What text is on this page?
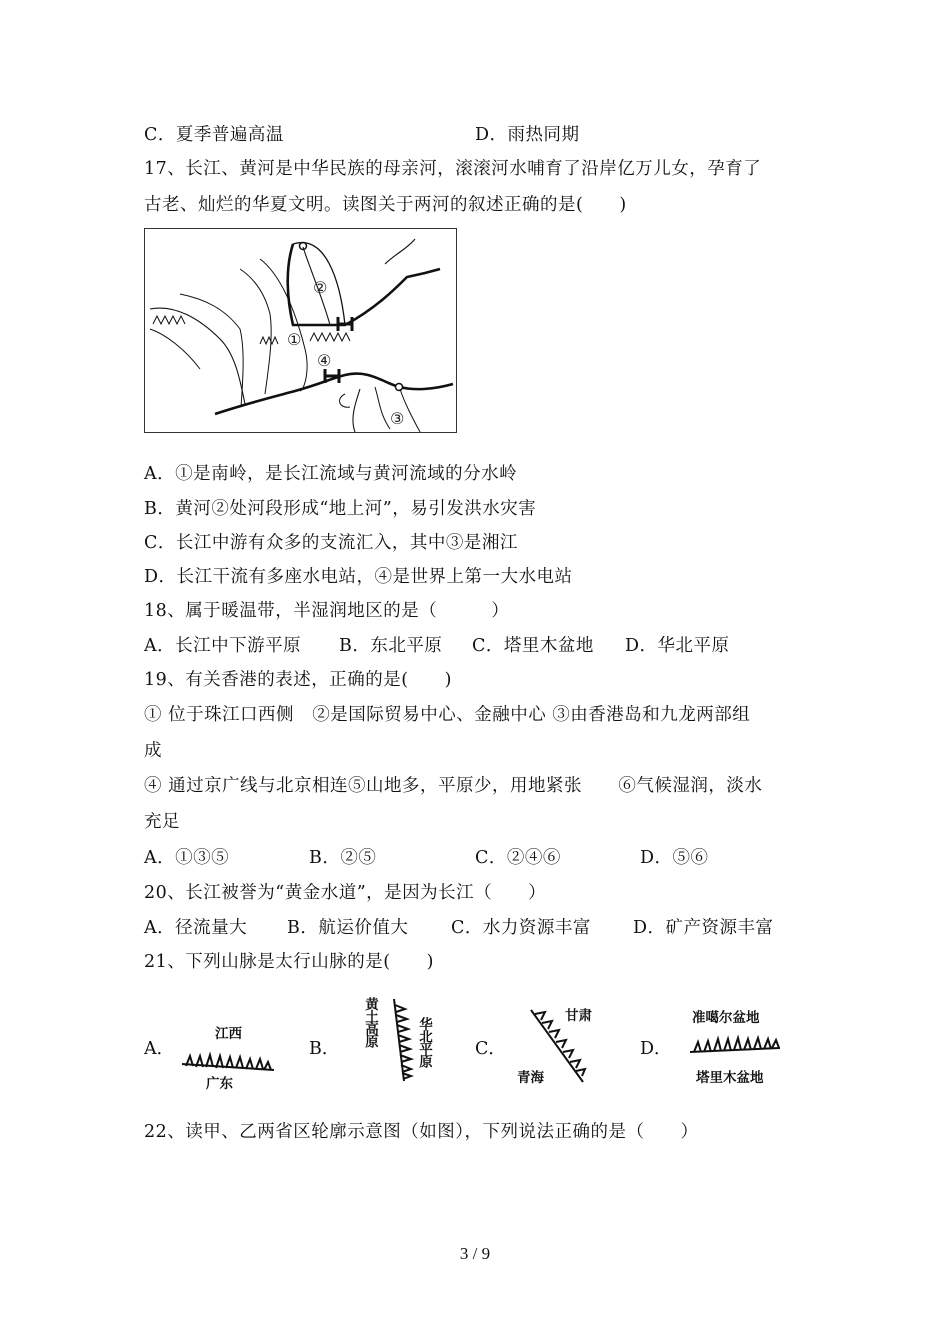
C．夏季普遍高温	D．雨热同期
17、长江、黄河是中华民族的母亲河，滚滚河水哺育了沿岸亿万儿女，孕育了
古老、灿烂的华夏文明。读图关于两河的叙述正确的是(　　)
②
①
④
③
A．①是南岭，是长江流域与黄河流域的分水岭
B．黄河②处河段形成“地上河”，易引发洪水灾害
C．长江中游有众多的支流汇入，其中③是湘江
D．长江干流有多座水电站，④是世界上第一大水电站
18、属于暖温带，半湿润地区的是（　　　）
A．长江中下游平原 B．东北平原 C．塔里木盆地 D．华北平原
19、有关香港的表述，正确的是(　　)
① 位于珠江口西侧   ②是国际贸易中心、金融中心 ③由香港岛和九龙两部组
成
④ 通过京广线与北京相连⑤山地多，平原少，用地紧张      ⑥气候湿润，淡水
充足
A．①③⑤	B．②⑤	C．②④⑥	D．⑤⑥
20、长江被誉为“黄金水道”，是因为长江（　　）
A．径流量大 B．航运价值大 C．水力资源丰富 D．矿产资源丰富
21、下列山脉是太行山脉的是(　　)
A．
江西
广东
B．
黄土高原	华北平原 C．
甘肃
青海
D．
准噶尔盆地
塔里木盆地
22、读甲、乙两省区轮廓示意图（如图），下列说法正确的是（　　）
3 / 9
